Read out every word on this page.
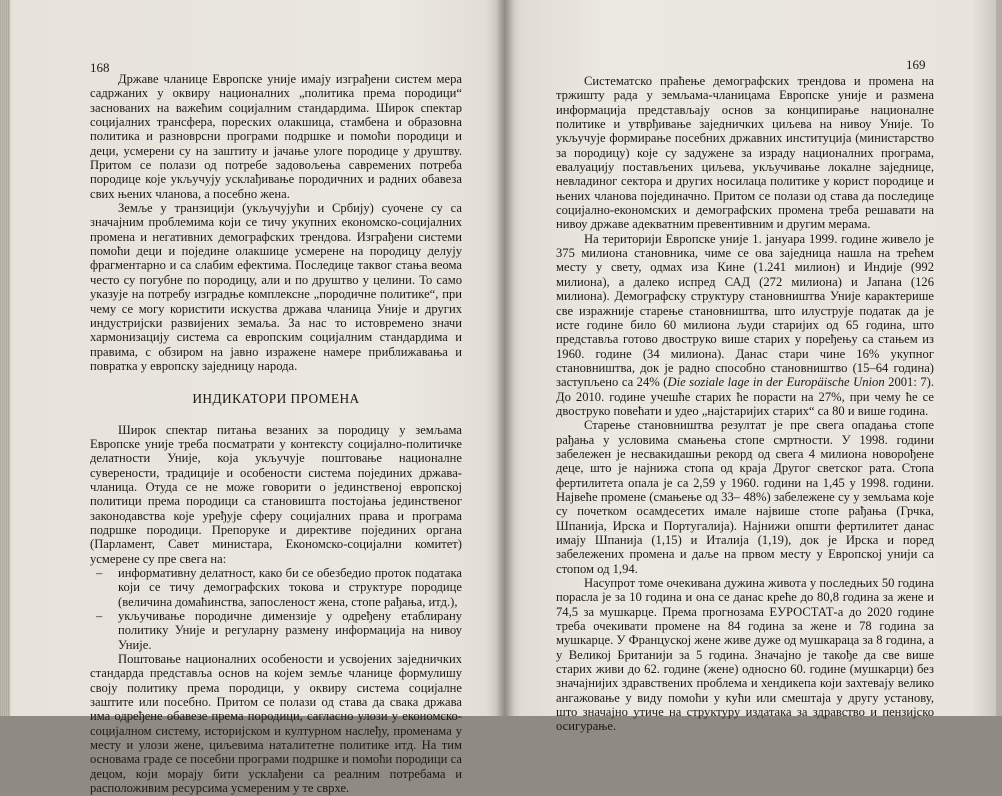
168	169

Државе чланице Европске уније имају изграђени систем мера садржаних у оквиру националних „политика према породици“ заснованих на важећим социјалним стандардима. Широк спектар социјалних трансфера, пореских олакшица, стамбена и образовна политика и разноврсни програми подршке и помоћи породици и деци, усмерени су на заштиту и јачање улоге породице у друштву. Притом се полази од потребе задовољења савремених потреба породице које укључују усклађивање породичних и радних обавеза свих њених чланова, а посебно жена.

Земље у транзицији (укључујући и Србију) суочене су са значајним проблемима који се тичу укупних економско-социјалних промена и негативних демографских трендова. Изграђени системи помоћи деци и поједине олакшице усмерене на породицу делују фрагментарно и са слабим ефектима. Последице таквог стања веома често су погубне по породицу, али и по друштво у целини. То само указује на потребу изградње комплексне „породичне политике“, при чему се могу користити искуства држава чланица Уније и других индустријски развијених земаља. За нас то истовремено значи хармонизацију система са европским социјалним стандардима и правима, с обзиром на јавно изражене намере приближавања и повратка у европску заједницу народа.

ИНДИКАТОРИ ПРОМЕНА

Широк спектар питања везаних за породицу у земљама Европске уније треба посматрати у контексту социјално-политичке делатности Уније, која укључује поштовање националне суверености, традиције и особености система појединих држава-чланица. Отуда се не може говорити о јединственој европској политици према породици са становишта постојања јединственог законодавства које уређује сферу социјалних права и програма подршке породици. Препоруке и директиве појединих органа (Парламент, Савет министара, Економско-социјални комитет) усмерене су пре свега на:

– информативну делатност, како би се обезбедио проток података који се тичу демографских токова и структуре породице (величина домаћинства, запосленост жена, стопе рађања, итд.),
– укључивање породичне димензије у одређену етаблирану политику Уније и регуларну размену информација на нивоу Уније.

Поштовање националних особености и усвојених заједничких стандарда представља основ на којем земље чланице формулишу своју политику према породици, у оквиру система социјалне заштите или посебно. Притом се полази од става да свака држава има одређене обавезе према породици, сагласно улози у економско-социјалном систему, историјском и културном наслеђу, променама у месту и улози жене, циљевима наталитетне политике итд. На тим основама граде се посебни програми подршке и помоћи породици са децом, који морају бити усклађени са реалним потребама и расположивим ресурсима усмереним у те сврхе.

Систематско праћење демографских трендова и промена на тржишту рада у земљама-чланицама Европске уније и размена информација представљају основ за конципирање националне политике и утврђивање заједничких циљева на нивоу Уније. То укључује формирање посебних државних институција (министарство за породицу) које су задужене за израду националних програма, евалуацију постављених циљева, укључивање локалне заједнице, невладиног сектора и других носилаца политике у корист породице и њених чланова појединачно. Притом се полази од става да последице социјално-економских и демографских промена треба решавати на нивоу државе адекватним превентивним и другим мерама.

На територији Европске уније 1. јануара 1999. године живело је 375 милиона становника, чиме се ова заједница нашла на трећем месту у свету, одмах иза Кине (1.241 милион) и Индије (992 милиона), а далеко испред САД (272 милиона) и Јапана (126 милиона). Демографску структуру становништва Уније карактерише све изражније старење становништва, што илуструје податак да је исте године било 60 милиона људи старијих од 65 година, што представља готово двоструко више старих у поређењу са стањем из 1960. године (34 милиона). Данас стари чине 16% укупног становништва, док је радно способно становништво (15–64 година) заступљено са 24% (Die soziale lage in der Europäische Union 2001: 7). До 2010. године учешће старих ће порасти на 27%, при чему ће се двоструко повећати и удео „најстаријих старих“ са 80 и више година.

Старење становништва резултат је пре свега опадања стопе рађања у условима смањења стопе смртности. У 1998. години забележен је несвакидашњи рекорд од свега 4 милиона новорођене деце, што је најнижа стопа од краја Другог светског рата. Стопа фертилитета опала је са 2,59 у 1960. години на 1,45 у 1998. години. Највеће промене (смањење од 33– 48%) забележене су у земљама које су почетком осамдесетих имале највише стопе рађања (Грчка, Шпанија, Ирска и Португалија). Најнижи општи фертилитет данас имају Шпанија (1,15) и Италија (1,19), док је Ирска и поред забележених промена и даље на првом месту у Европској унији са стопом од 1,94.

Насупрот томе очекивана дужина живота у последњих 50 година порасла је за 10 година и она се данас креће до 80,8 година за жене и 74,5 за мушкарце. Према прогнозама ЕУРОСТАТ-а до 2020 године треба очекивати промене на 84 година за жене и 78 година за мушкарце. У Француској жене живе дуже од мушкараца за 8 година, а у Великој Британији за 5 година. Значајно је такође да све више старих живи до 62. године (жене) односно 60. године (мушкарци) без значајнијих здравствених проблема и хендикепа који захтевају велико ангажовање у виду помоћи у кући или смештаја у другу установу, што значајно утиче на структуру издатака за здравство и пензијско осигурање.
